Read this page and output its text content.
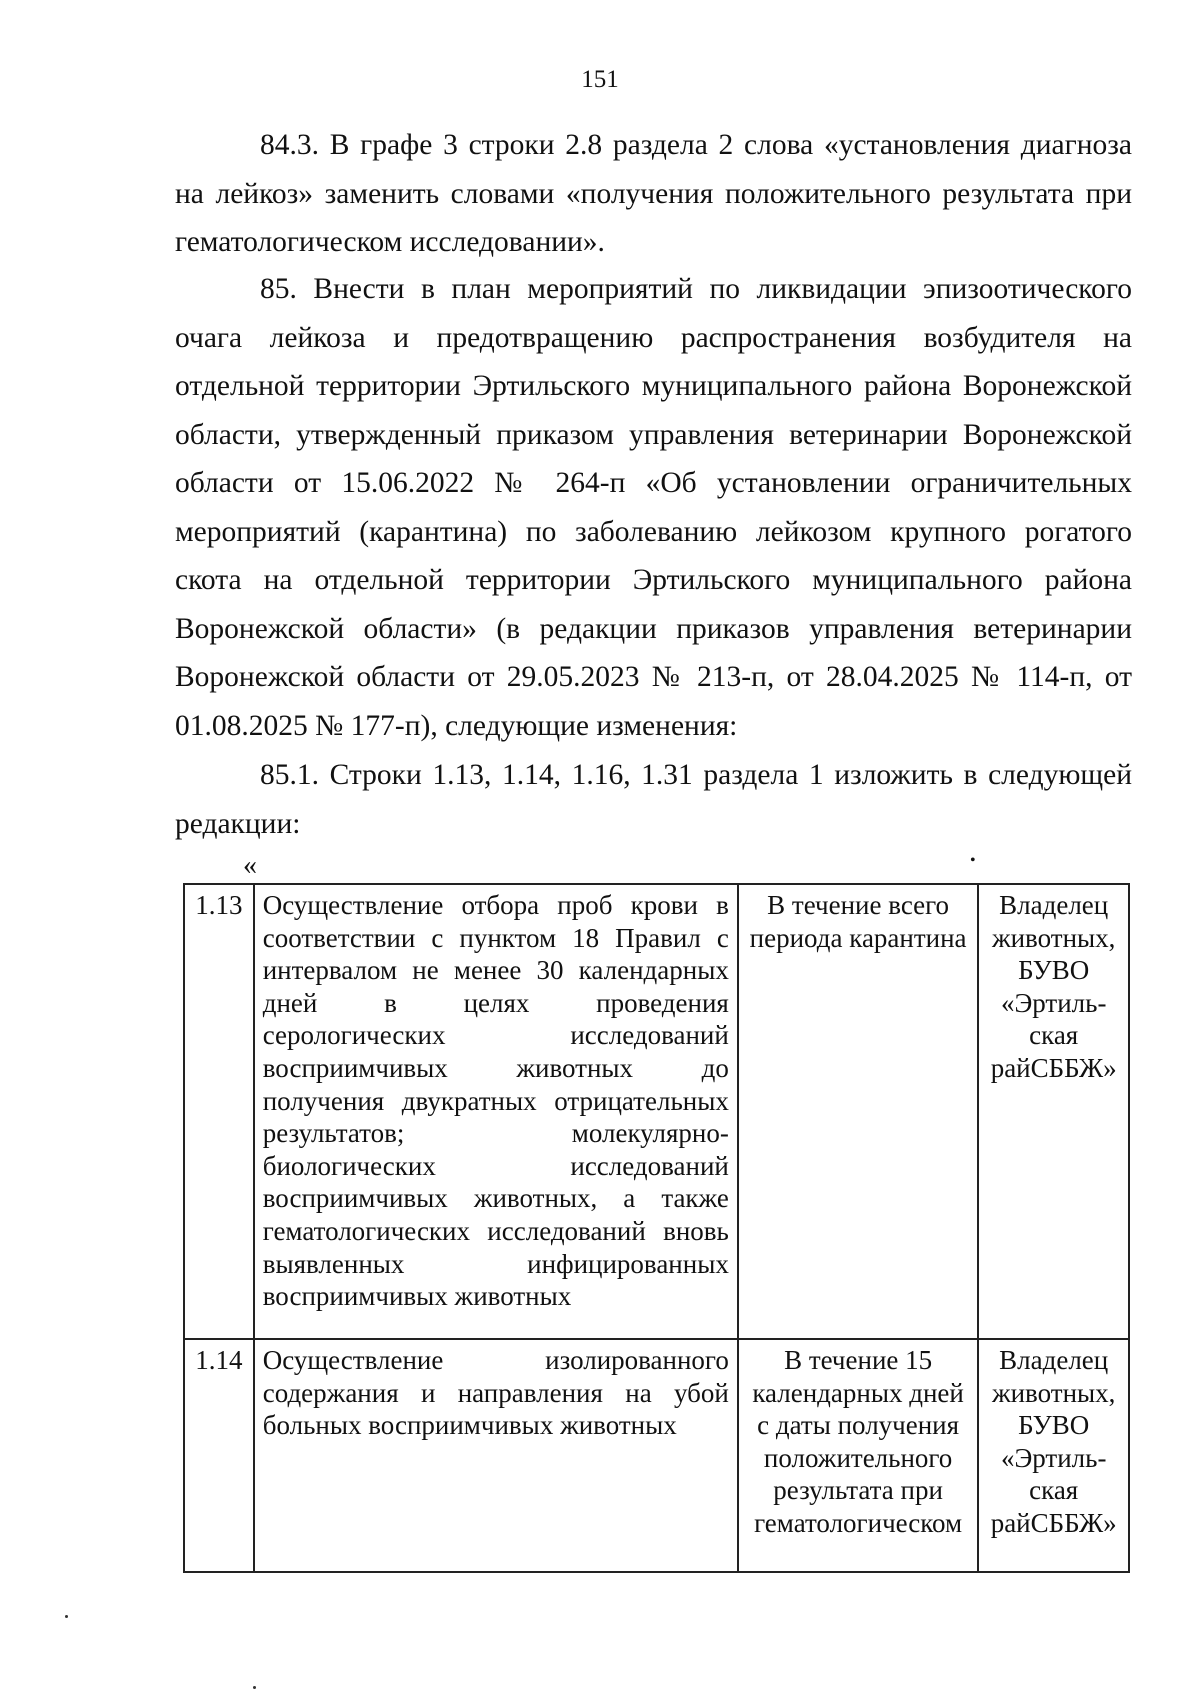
151

84.3. В графе 3 строки 2.8 раздела 2 слова «установления диагноза на лейкоз» заменить словами «получения положительного результата при гематологическом исследовании».

85. Внести в план мероприятий по ликвидации эпизоотического очага лейкоза и предотвращению распространения возбудителя на отдельной территории Эртильского муниципального района Воронежской области, утвержденный приказом управления ветеринарии Воронежской области от 15.06.2022 № 264-п «Об установлении ограничительных мероприятий (карантина) по заболеванию лейкозом крупного рогатого скота на отдельной территории Эртильского муниципального района Воронежской области» (в редакции приказов управления ветеринарии Воронежской области от 29.05.2023 № 213-п, от 28.04.2025 № 114-п, от 01.08.2025 № 177-п), следующие изменения:

85.1. Строки 1.13, 1.14, 1.16, 1.31 раздела 1 изложить в следующей редакции:

«	•
1.13	Осуществление отбора проб крови в соответствии с пунктом 18 Правил с интервалом не менее 30 календарных дней в целях проведения серологических исследований восприимчивых животных до получения двукратных отрицательных результатов; молекулярно-биологических исследований восприимчивых животных, а также гематологических исследований вновь выявленных инфицированных восприимчивых животных	В течение всего периода карантина	Владелец животных, БУВО «Эртиль-ская райСББЖ»
1.14	Осуществление изолированного содержания и направления на убой больных восприимчивых животных	В течение 15 календарных дней с даты получения положительного результата при гематологическом	Владелец животных, БУВО «Эртиль-ская райСББЖ»
